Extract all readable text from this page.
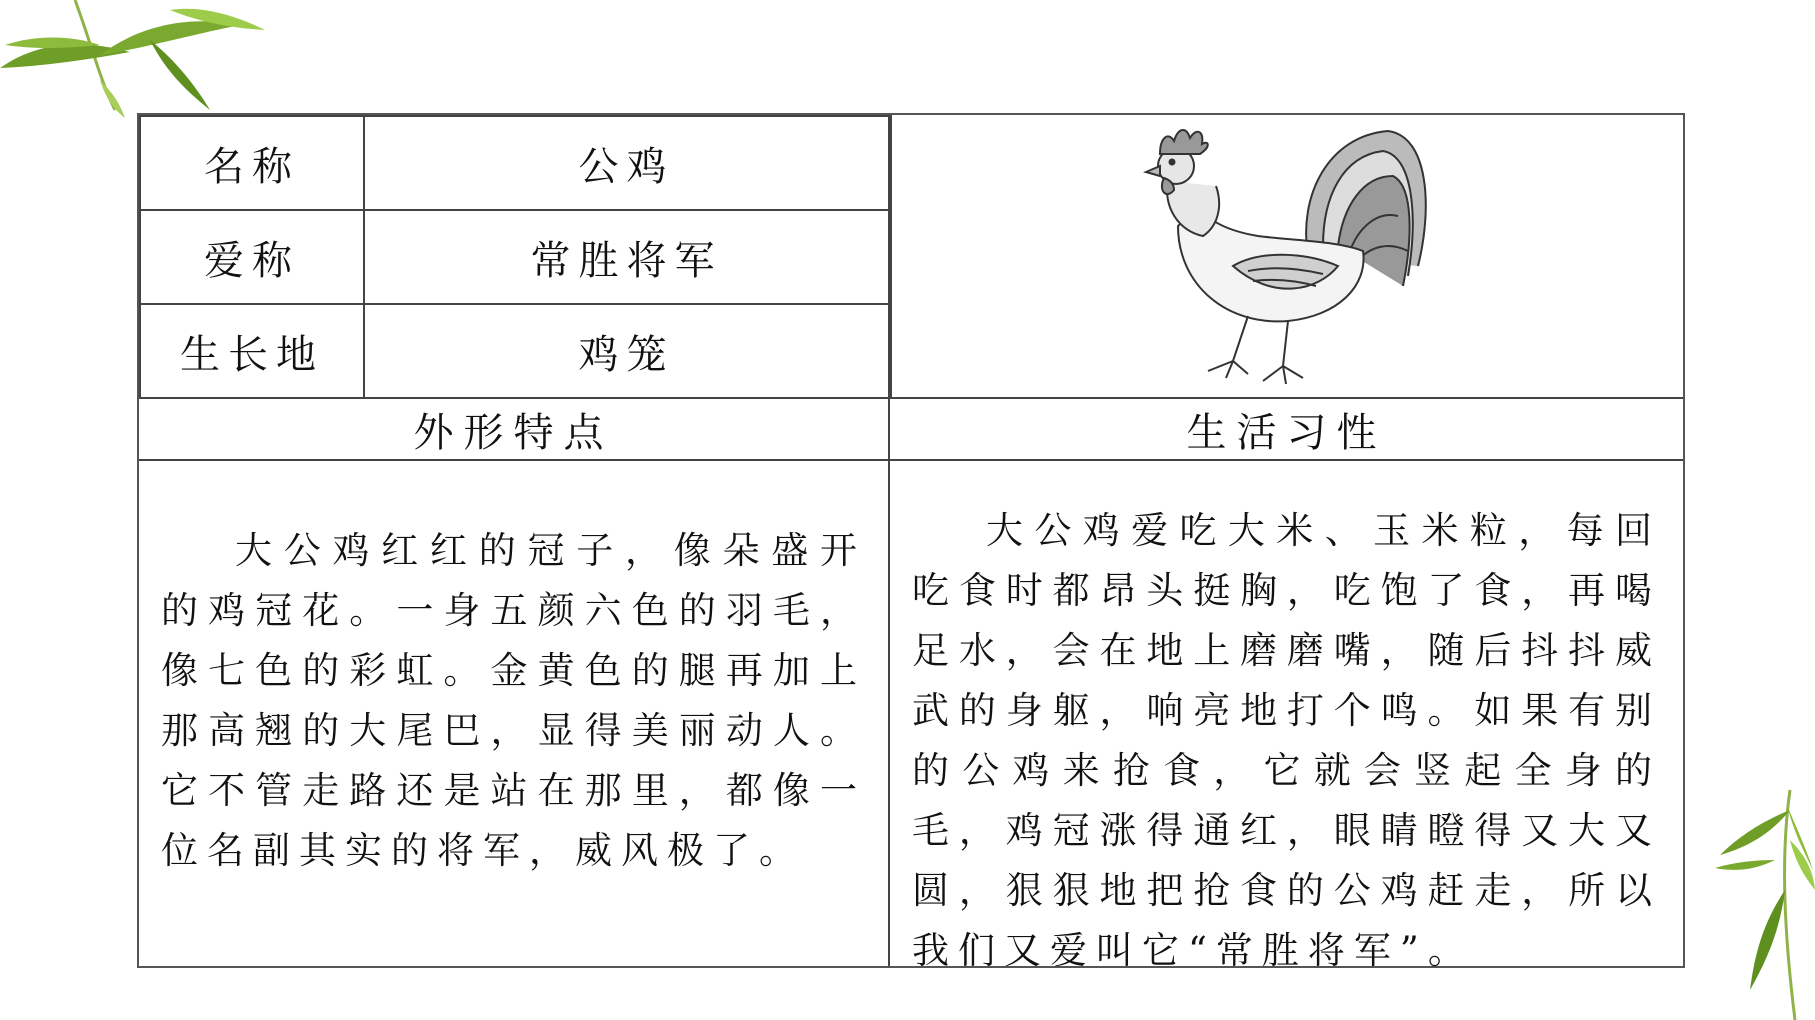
名称	公鸡
爱称	常胜将军
生长地	鸡笼
外形特点	生活习性

大公鸡红红的冠子，像朵盛开的鸡冠花。一身五颜六色的羽毛，像七色的彩虹。金黄色的腿再加上那高翘的大尾巴，显得美丽动人。它不管走路还是站在那里，都像一位名副其实的将军，威风极了。

大公鸡爱吃大米、玉米粒，每回吃食时都昂头挺胸，吃饱了食，再喝足水，会在地上磨磨嘴，随后抖抖威武的身躯，响亮地打个鸣。如果有别的公鸡来抢食，它就会竖起全身的毛，鸡冠涨得通红，眼睛瞪得又大又圆，狠狠地把抢食的公鸡赶走，所以我们又爱叫它“常胜将军”。
